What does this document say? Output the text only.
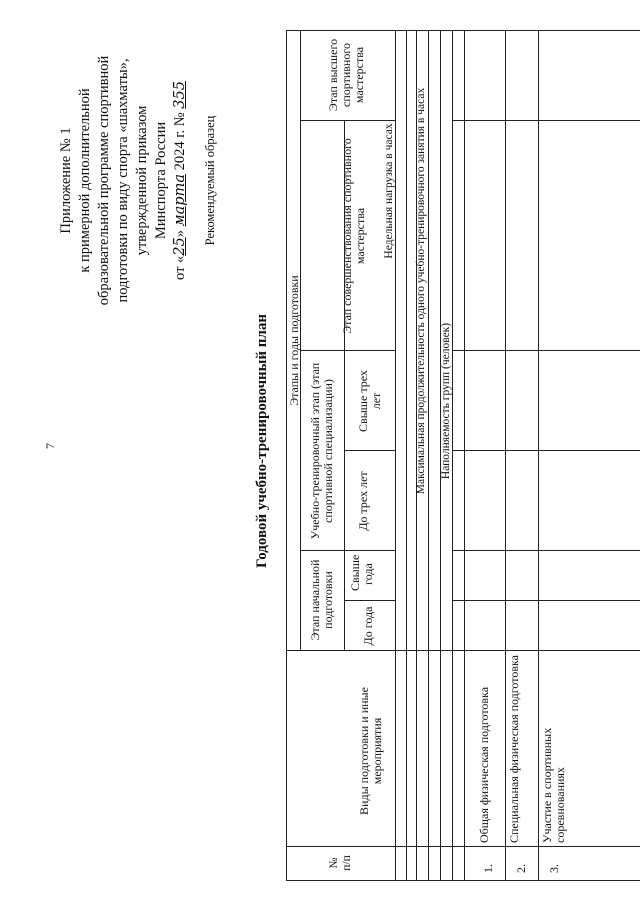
7
Приложение № 1 к примерной дополнительной образовательной программе спортивной подготовки по виду спорта «шахматы», утвержденной приказом Минспорта России
от «25» марта 2024 г. № 355
Рекомендуемый образец
Годовой учебно-тренировочный план
№ п/п
Виды подготовки и иные мероприятия
Этапы и годы подготовки
Этап начальной подготовки До года
Свыше года
Учебно-тренировочный этап (этап спортивной специализации) До трех лет
Свыше трех лет
Этап совершенствования спортивного мастерства
Этап высшего спортивного мастерства
Недельная нагрузка в часах Максимальная продолжительность одного учебно-тренировочного занятия в часах Наполняемость групп (человек)
1.
Общая физическая подготовка
2.
Специальная физическая подготовка
3.
Участие в спортивных соревнованиях
